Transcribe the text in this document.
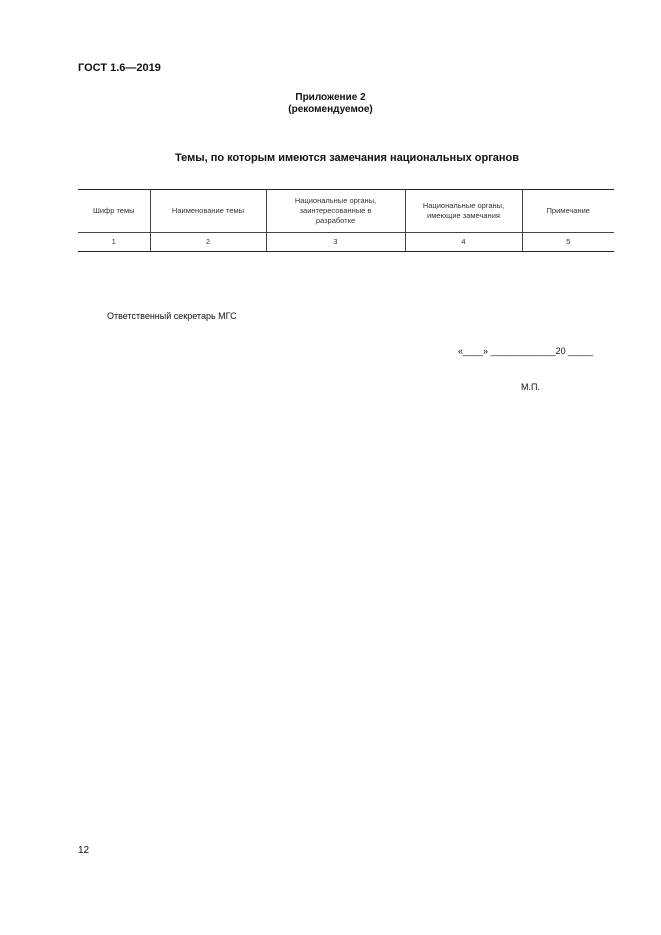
ГОСТ 1.6—2019
Приложение 2
(рекомендуемое)
Темы, по которым имеются замечания национальных органов
Шифр темы	Наименование темы	Национальные органы, заинтересованные в разработке	Национальные органы, имеющие замечания	Примечание
1	2	3	4	5
Ответственный секретарь МГС
«____» _____________20 _____
М.П.
12
